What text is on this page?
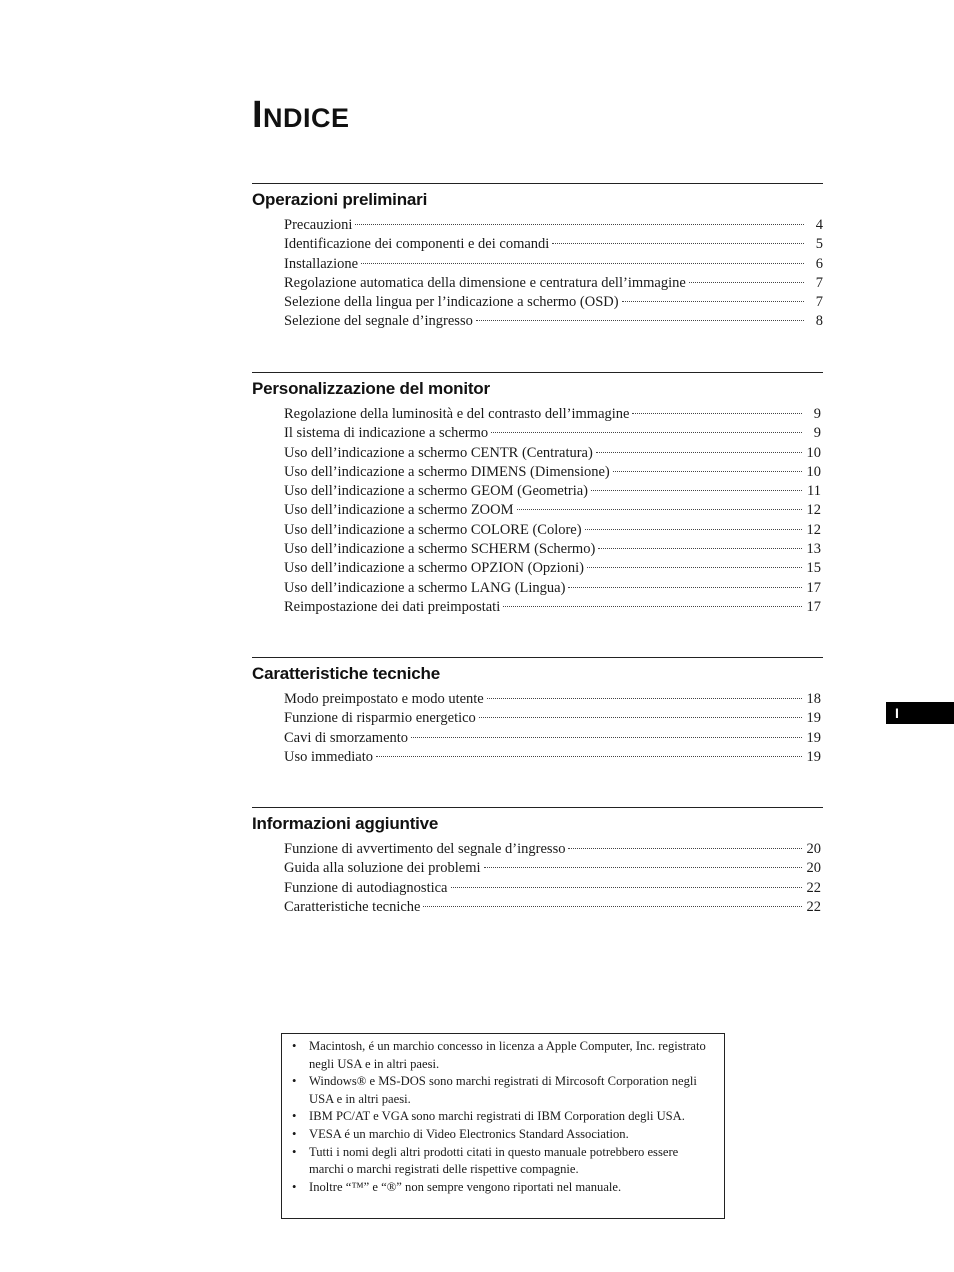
Indice
Operazioni preliminari
Precauzioni	4
Identificazione dei componenti e dei comandi	5
Installazione	6
Regolazione automatica della dimensione e centratura dell’immagine	7
Selezione della lingua per l’indicazione a schermo (OSD)	7
Selezione del segnale d’ingresso	8
Personalizzazione del monitor
Regolazione della luminosità e del contrasto dell’immagine	9
Il sistema di indicazione a schermo	9
Uso dell’indicazione a schermo CENTR (Centratura)	10
Uso dell’indicazione a schermo DIMENS (Dimensione)	10
Uso dell’indicazione a schermo GEOM (Geometria)	11
Uso dell’indicazione a schermo ZOOM	12
Uso dell’indicazione a schermo COLORE (Colore)	12
Uso dell’indicazione a schermo SCHERM (Schermo)	13
Uso dell’indicazione a schermo OPZION (Opzioni)	15
Uso dell’indicazione a schermo LANG (Lingua)	17
Reimpostazione dei dati preimpostati	17
Caratteristiche tecniche
Modo preimpostato e modo utente	18
Funzione di risparmio energetico	19
Cavi di smorzamento	19
Uso immediato	19
Informazioni aggiuntive
Funzione di avvertimento del segnale d’ingresso	20
Guida alla soluzione dei problemi	20
Funzione di autodiagnostica	22
Caratteristiche tecniche	22
I
• Macintosh, é un marchio concesso in licenza a Apple Computer, Inc. registrato negli USA e in altri paesi.
• Windows® e MS-DOS sono marchi registrati di Mircosoft Corporation negli USA e in altri paesi.
• IBM PC/AT e VGA sono marchi registrati di IBM Corporation degli USA.
• VESA é un marchio di Video Electronics Standard Association.
• Tutti i nomi degli altri prodotti citati in questo manuale potrebbero essere marchi o marchi registrati delle rispettive compagnie.
• Inoltre “™” e “®” non sempre vengono riportati nel manuale.
